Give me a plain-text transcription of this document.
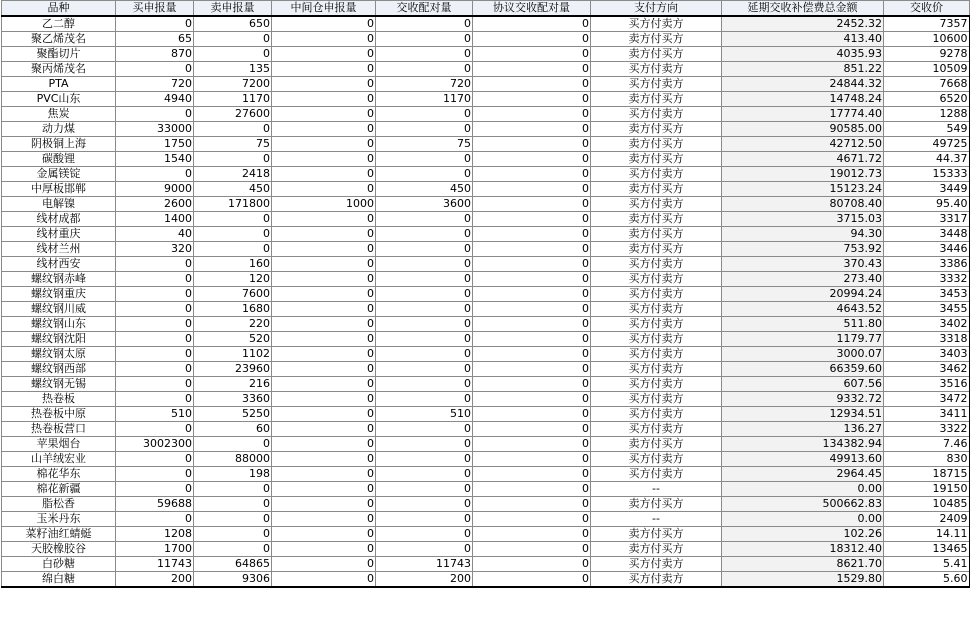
品种	买申报量	卖申报量	中间仓申报量	交收配对量	协议交收配对量	支付方向	延期交收补偿费总金额	交收价
乙二醇	0	650	0	0	0	买方付卖方	2452.32	7357
聚乙烯茂名	65	0	0	0	0	卖方付买方	413.40	10600
聚酯切片	870	0	0	0	0	卖方付买方	4035.93	9278
聚丙烯茂名	0	135	0	0	0	买方付卖方	851.22	10509
PTA	720	7200	0	720	0	买方付卖方	24844.32	7668
PVC山东	4940	1170	0	1170	0	卖方付买方	14748.24	6520
焦炭	0	27600	0	0	0	买方付卖方	17774.40	1288
动力煤	33000	0	0	0	0	卖方付买方	90585.00	549
阴极铜上海	1750	75	0	75	0	卖方付买方	42712.50	49725
碳酸锂	1540	0	0	0	0	卖方付买方	4671.72	44.37
金属镁锭	0	2418	0	0	0	买方付卖方	19012.73	15333
中厚板邯郸	9000	450	0	450	0	卖方付买方	15123.24	3449
电解镍	2600	171800	1000	3600	0	买方付卖方	80708.40	95.40
线材成都	1400	0	0	0	0	卖方付买方	3715.03	3317
线材重庆	40	0	0	0	0	卖方付买方	94.30	3448
线材兰州	320	0	0	0	0	卖方付买方	753.92	3446
线材西安	0	160	0	0	0	买方付卖方	370.43	3386
螺纹钢赤峰	0	120	0	0	0	买方付卖方	273.40	3332
螺纹钢重庆	0	7600	0	0	0	买方付卖方	20994.24	3453
螺纹钢川威	0	1680	0	0	0	买方付卖方	4643.52	3455
螺纹钢山东	0	220	0	0	0	买方付卖方	511.80	3402
螺纹钢沈阳	0	520	0	0	0	买方付卖方	1179.77	3318
螺纹钢太原	0	1102	0	0	0	买方付卖方	3000.07	3403
螺纹钢西部	0	23960	0	0	0	买方付卖方	66359.60	3462
螺纹钢无锡	0	216	0	0	0	买方付卖方	607.56	3516
热卷板	0	3360	0	0	0	买方付卖方	9332.72	3472
热卷板中原	510	5250	0	510	0	买方付卖方	12934.51	3411
热卷板营口	0	60	0	0	0	买方付卖方	136.27	3322
苹果烟台	3002300	0	0	0	0	卖方付买方	134382.94	7.46
山羊绒宏业	0	88000	0	0	0	买方付卖方	49913.60	830
棉花华东	0	198	0	0	0	买方付卖方	2964.45	18715
棉花新疆	0	0	0	0	0	--	0.00	19150
脂松香	59688	0	0	0	0	卖方付买方	500662.83	10485
玉米丹东	0	0	0	0	0	--	0.00	2409
菜籽油红蜻蜓	1208	0	0	0	0	卖方付买方	102.26	14.11
天胶橡胶谷	1700	0	0	0	0	卖方付买方	18312.40	13465
白砂糖	11743	64865	0	11743	0	买方付卖方	8621.70	5.41
绵白糖	200	9306	0	200	0	买方付卖方	1529.80	5.60
